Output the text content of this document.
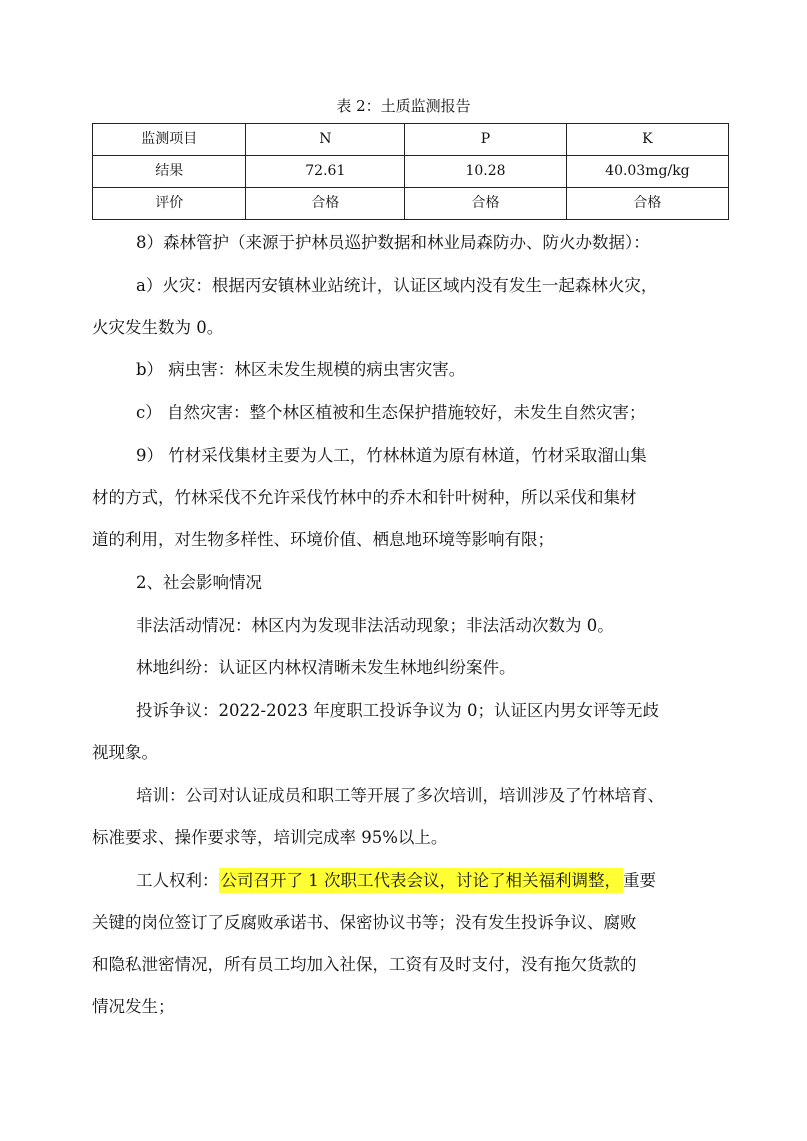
表 2：土质监测报告
监测项目	N	P	K
结果	72.61	10.28	40.03mg/kg
评价	合格	合格	合格
8）森林管护（来源于护林员巡护数据和林业局森防办、防火办数据）：
a）火灾：根据丙安镇林业站统计，认证区域内没有发生一起森林火灾，
火灾发生数为 0。
b） 病虫害：林区未发生规模的病虫害灾害。
c） 自然灾害：整个林区植被和生态保护措施较好，未发生自然灾害；
9） 竹材采伐集材主要为人工，竹林林道为原有林道，竹材采取溜山集
材的方式，竹林采伐不允许采伐竹林中的乔木和针叶树种，所以采伐和集材
道的利用，对生物多样性、环境价值、栖息地环境等影响有限；
2、社会影响情况
非法活动情况：林区内为发现非法活动现象；非法活动次数为 0。
林地纠纷：认证区内林权清晰未发生林地纠纷案件。
投诉争议：2022-2023 年度职工投诉争议为 0；认证区内男女评等无歧
视现象。
培训：公司对认证成员和职工等开展了多次培训，培训涉及了竹林培育、
标准要求、操作要求等，培训完成率 95%以上。
工人权利： 公司召开了 1 次职工代表会议，讨论了相关福利调整， 重要
关键的岗位签订了反腐败承诺书、保密协议书等；没有发生投诉争议、腐败
和隐私泄密情况，所有员工均加入社保，工资有及时支付，没有拖欠货款的
情况发生；
